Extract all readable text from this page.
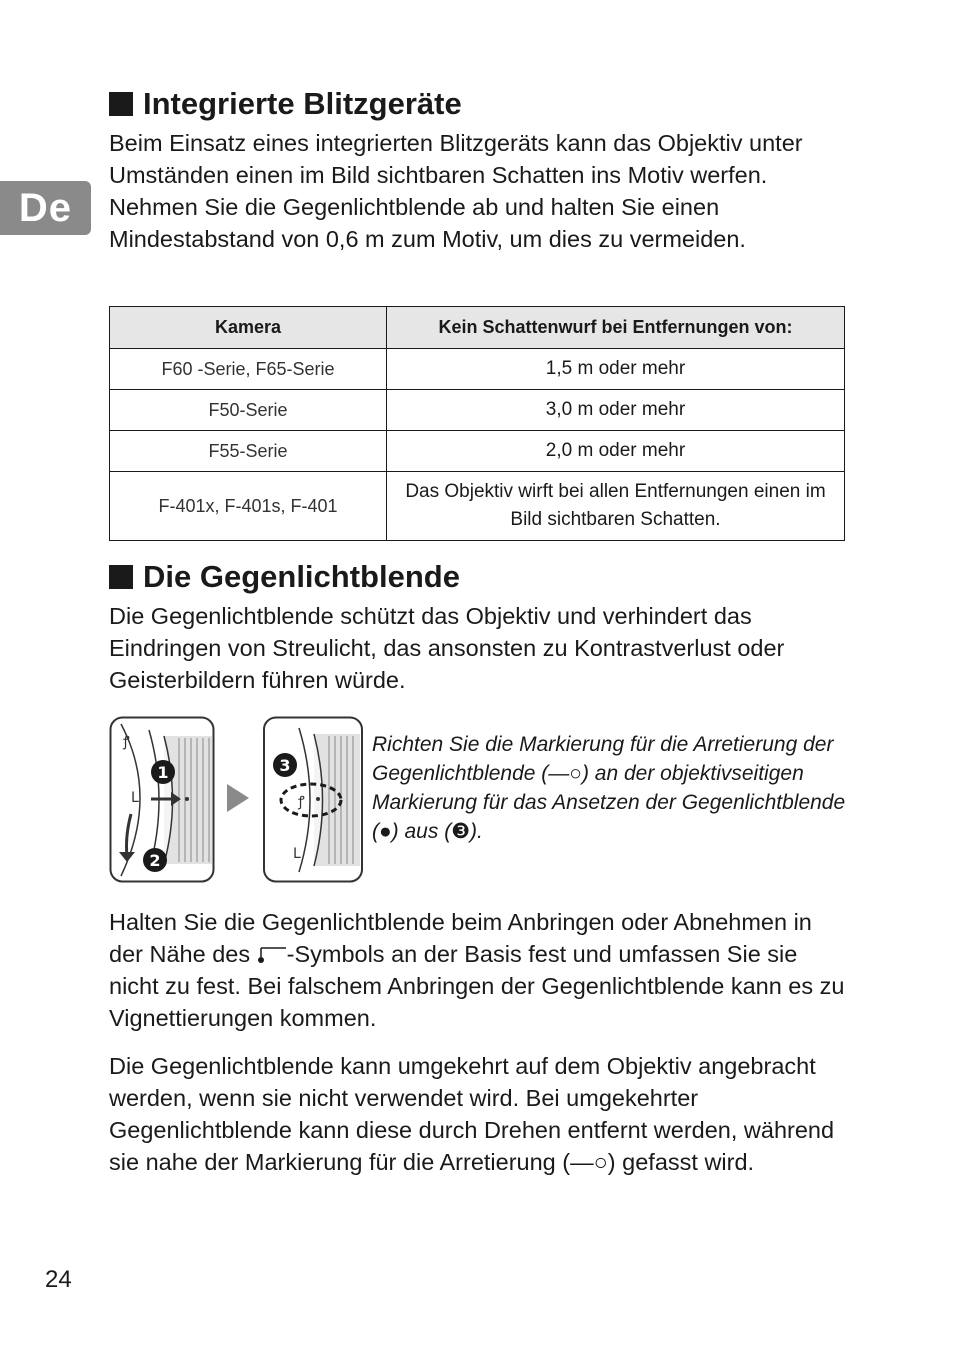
De
Integrierte Blitzgeräte

Beim Einsatz eines integrierten Blitzgeräts kann das Objektiv unter Umständen einen im Bild sichtbaren Schatten ins Motiv werfen. Nehmen Sie die Gegenlichtblende ab und halten Sie einen Mindestabstand von 0,6 m zum Motiv, um dies zu vermeiden.

Kamera	Kein Schattenwurf bei Entfernungen von:
F60 -Serie, F65-Serie	1,5 m oder mehr
F50-Serie	3,0 m oder mehr
F55-Serie	2,0 m oder mehr
F-401x, F-401s, F-401	Das Objektiv wirft bei allen Entfernungen einen im Bild sichtbaren Schatten.
Die Gegenlichtblende

Die Gegenlichtblende schützt das Objektiv und verhindert das Eindringen von Streulicht, das ansonsten zu Kontrastverlust oder Geisterbildern führen würde.

ꝭ
ᒪ
1
2
ꝭ
ᒪ
3

Richten Sie die Markierung für die Arretierung der Gegenlichtblende (—○) an der objektivseitigen Markierung für das Ansetzen der Gegenlichtblende (●) aus (❸).

Halten Sie die Gegenlichtblende beim Anbringen oder Abnehmen in der Nähe des -Symbols an der Basis fest und umfassen Sie sie nicht zu fest. Bei falschem Anbringen der Gegenlichtblende kann es zu Vignettierungen kommen.

Die Gegenlichtblende kann umgekehrt auf dem Objektiv angebracht werden, wenn sie nicht verwendet wird. Bei umgekehrter Gegenlichtblende kann diese durch Drehen entfernt werden, während sie nahe der Markierung für die Arretierung (—○) gefasst wird.

24
